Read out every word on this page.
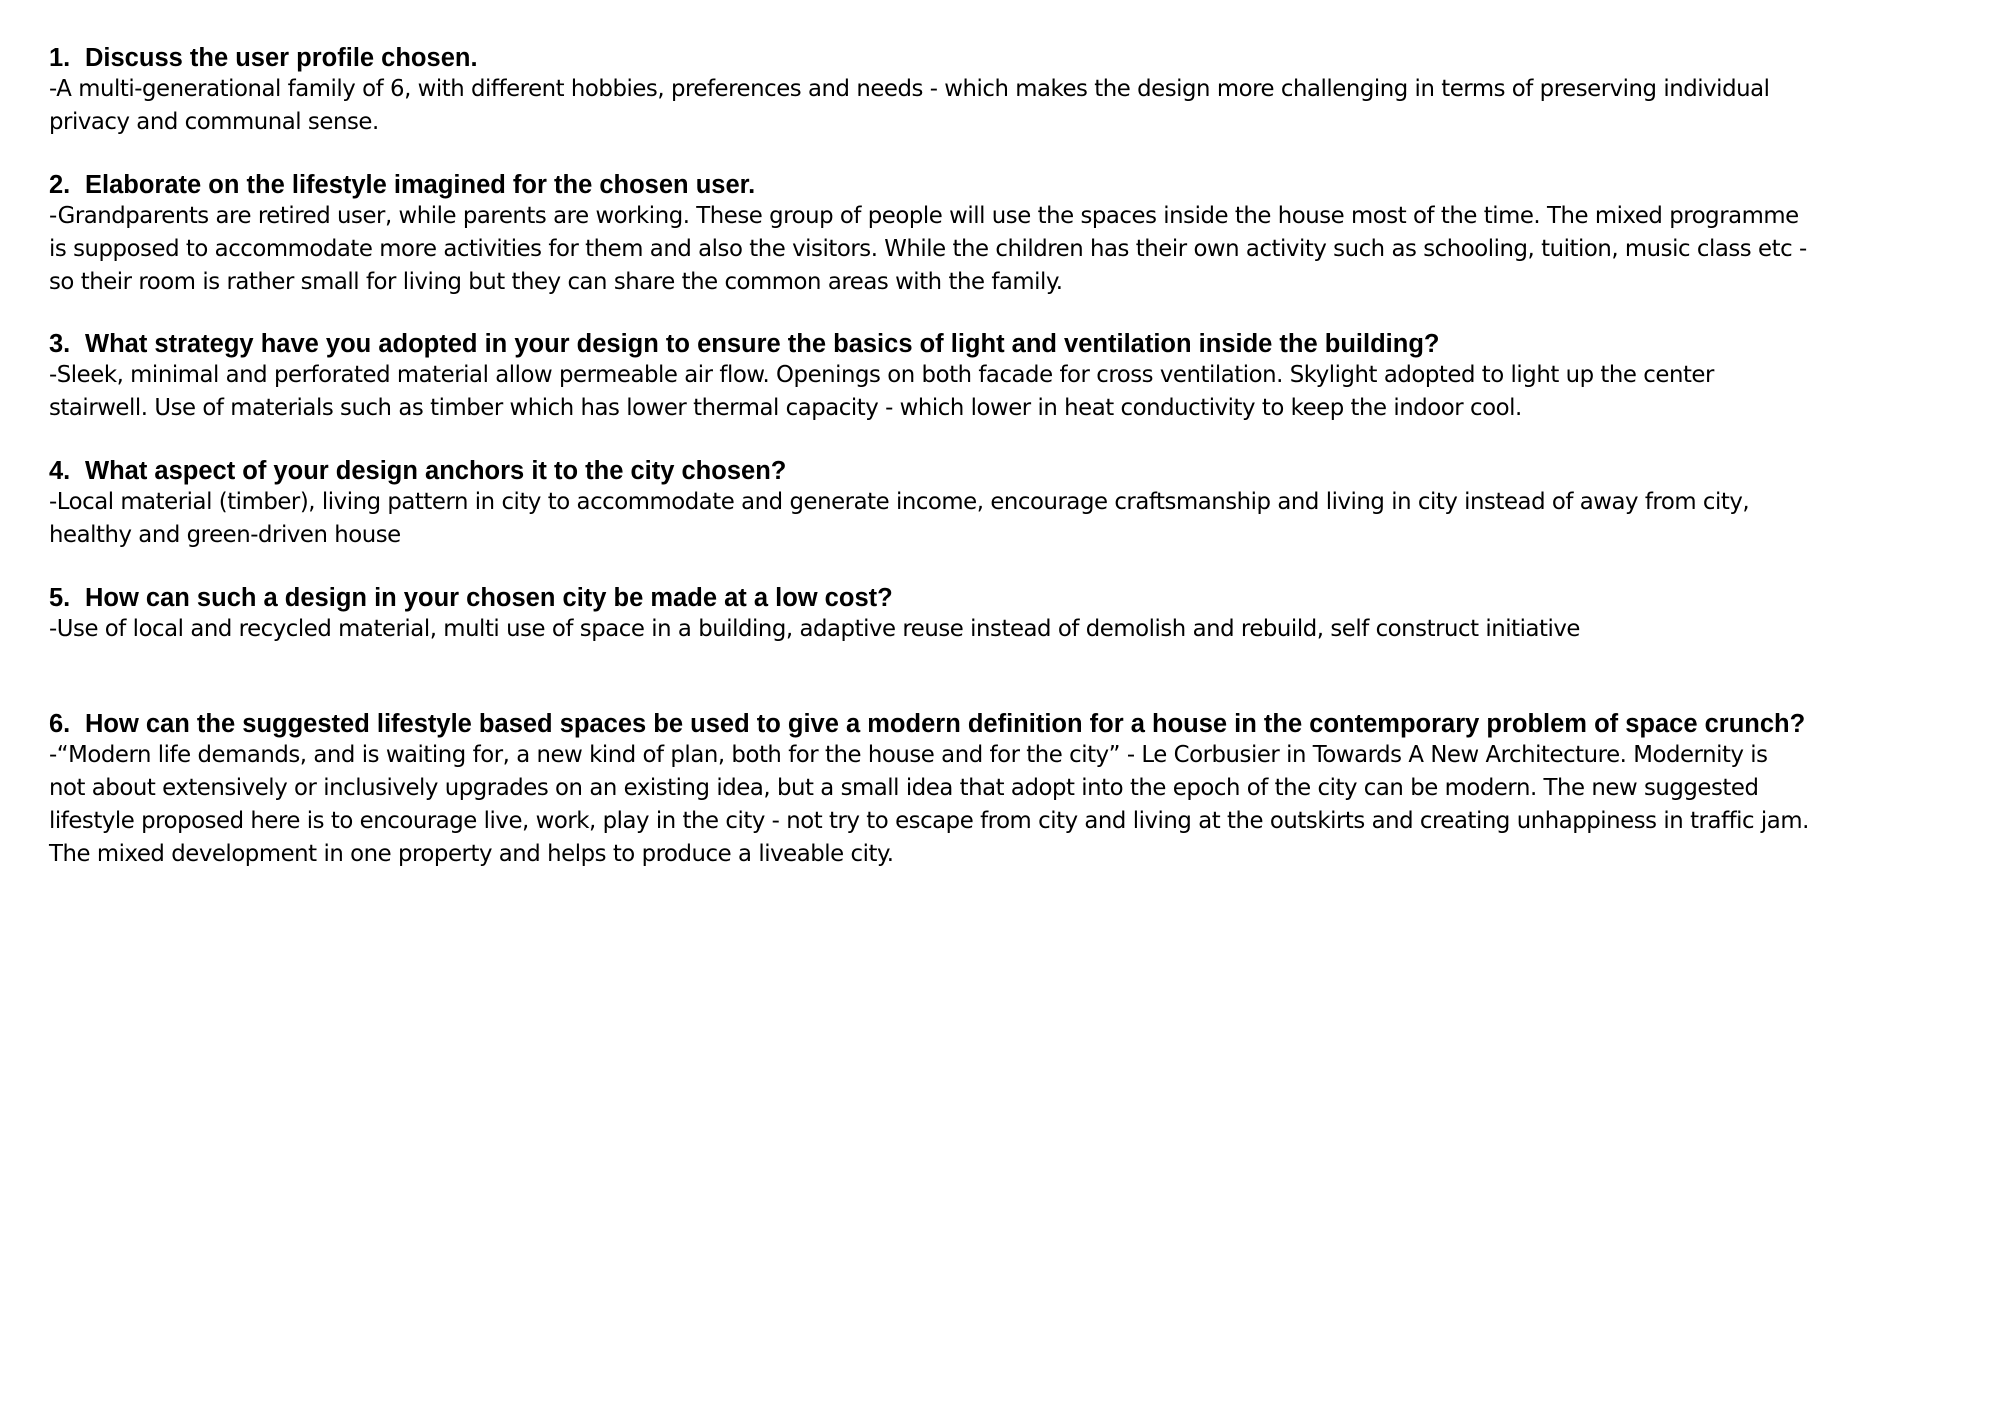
1. Discuss the user profile chosen.

-A multi-generational family of 6, with different hobbies, preferences and needs - which makes the design more challenging in terms of preserving individual privacy and communal sense.

2. Elaborate on the lifestyle imagined for the chosen user.

-Grandparents are retired user, while parents are working. These group of people will use the spaces inside the house most of the time. The mixed programme is supposed to accommodate more activities for them and also the visitors. While the children has their own activity such as schooling, tuition, music class etc - so their room is rather small for living but they can share the common areas with the family.

3. What strategy have you adopted in your design to ensure the basics of light and ventilation inside the building?

-Sleek, minimal and perforated material allow permeable air flow. Openings on both facade for cross ventilation. Skylight adopted to light up the center stairwell. Use of materials such as timber which has lower thermal capacity - which lower in heat conductivity to keep the indoor cool.

4. What aspect of your design anchors it to the city chosen?

-Local material (timber), living pattern in city to accommodate and generate income, encourage craftsmanship and living in city instead of away from city, healthy and green-driven house

5. How can such a design in your chosen city be made at a low cost?

-Use of local and recycled material, multi use of space in a building, adaptive reuse instead of demolish and rebuild, self construct initiative

6. How can the suggested lifestyle based spaces be used to give a modern definition for a house in the contemporary problem of space crunch?

-“Modern life demands, and is waiting for, a new kind of plan, both for the house and for the city” - Le Corbusier in Towards A New Architecture. Modernity is not about extensively or inclusively upgrades on an existing idea, but a small idea that adopt into the epoch of the city can be modern. The new suggested lifestyle proposed here is to encourage live, work, play in the city - not try to escape from city and living at the outskirts and creating unhappiness in traffic jam. The mixed development in one property and helps to produce a liveable city.
